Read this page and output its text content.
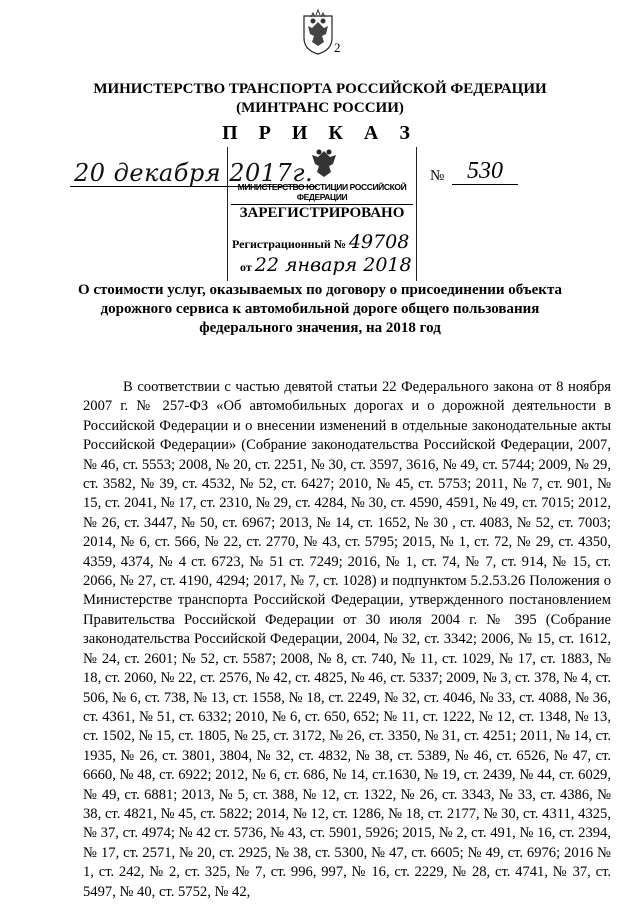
2
МИНИСТЕРСТВО ТРАНСПОРТА РОССИЙСКОЙ ФЕДЕРАЦИИ
(МИНТРАНС РОССИИ)
П Р И К А З
20 декабря 2017г.	№ 530
МИНИСТЕРСТВО ЮСТИЦИИ РОССИЙСКОЙ ФЕДЕРАЦИИ
ЗАРЕГИСТРИРОВАНО
Регистрационный № 49708
от 22 января 2018
О стоимости услуг, оказываемых по договору о присоединении объекта дорожного сервиса к автомобильной дороге общего пользования федерального значения, на 2018 год

В соответствии с частью девятой статьи 22 Федерального закона от 8 ноября 2007 г. № 257-ФЗ «Об автомобильных дорогах и о дорожной деятельности в Российской Федерации и о внесении изменений в отдельные законодательные акты Российской Федерации» (Собрание законодательства Российской Федерации, 2007, № 46, ст. 5553; 2008, № 20, ст. 2251, № 30, ст. 3597, 3616, № 49, ст. 5744; 2009, № 29, ст. 3582, № 39, ст. 4532, № 52, ст. 6427; 2010, № 45, ст. 5753; 2011, № 7, ст. 901, № 15, ст. 2041, № 17, ст. 2310, № 29, ст. 4284, № 30, ст. 4590, 4591, № 49, ст. 7015; 2012, № 26, ст. 3447, № 50, ст. 6967; 2013, № 14, ст. 1652, № 30 , ст. 4083, № 52, ст. 7003; 2014, № 6, ст. 566, № 22, ст. 2770, № 43, ст. 5795; 2015, № 1, ст. 72, № 29, ст. 4350, 4359, 4374, № 4 ст. 6723, № 51 ст. 7249; 2016, № 1, ст. 74, № 7, ст. 914, № 15, ст. 2066, № 27, ст. 4190, 4294; 2017, № 7, ст. 1028) и подпунктом 5.2.53.26 Положения о Министерстве транспорта Российской Федерации, утвержденного постановлением Правительства Российской Федерации от 30 июля 2004 г. № 395 (Собрание законодательства Российской Федерации, 2004, № 32, ст. 3342; 2006, № 15, ст. 1612, № 24, ст. 2601; № 52, ст. 5587; 2008, № 8, ст. 740, № 11, ст. 1029, № 17, ст. 1883, № 18, ст. 2060, № 22, ст. 2576, № 42, ст. 4825, № 46, ст. 5337; 2009, № 3, ст. 378, № 4, ст. 506, № 6, ст. 738, № 13, ст. 1558, № 18, ст. 2249, № 32, ст. 4046, № 33, ст. 4088, № 36, ст. 4361, № 51, ст. 6332; 2010, № 6, ст. 650, 652; № 11, ст. 1222, № 12, ст. 1348, № 13, ст. 1502, № 15, ст. 1805, № 25, ст. 3172, № 26, ст. 3350, № 31, ст. 4251; 2011, № 14, ст. 1935, № 26, ст. 3801, 3804, № 32, ст. 4832, № 38, ст. 5389, № 46, ст. 6526, № 47, ст. 6660, № 48, ст. 6922; 2012, № 6, ст. 686, № 14, ст.1630, № 19, ст. 2439, № 44, ст. 6029, № 49, ст. 6881; 2013, № 5, ст. 388, № 12, ст. 1322, № 26, ст. 3343, № 33, ст. 4386, № 38, ст. 4821, № 45, ст. 5822; 2014, № 12, ст. 1286, № 18, ст. 2177, № 30, ст. 4311, 4325, № 37, ст. 4974; № 42 ст. 5736, № 43, ст. 5901, 5926; 2015, № 2, ст. 491, № 16, ст. 2394, № 17, ст. 2571, № 20, ст. 2925, № 38, ст. 5300, № 47, ст. 6605; № 49, ст. 6976; 2016 № 1, ст. 242, № 2, ст. 325, № 7, ст. 996, 997, № 16, ст. 2229, № 28, ст. 4741, № 37, ст. 5497, № 40, ст. 5752, № 42,
